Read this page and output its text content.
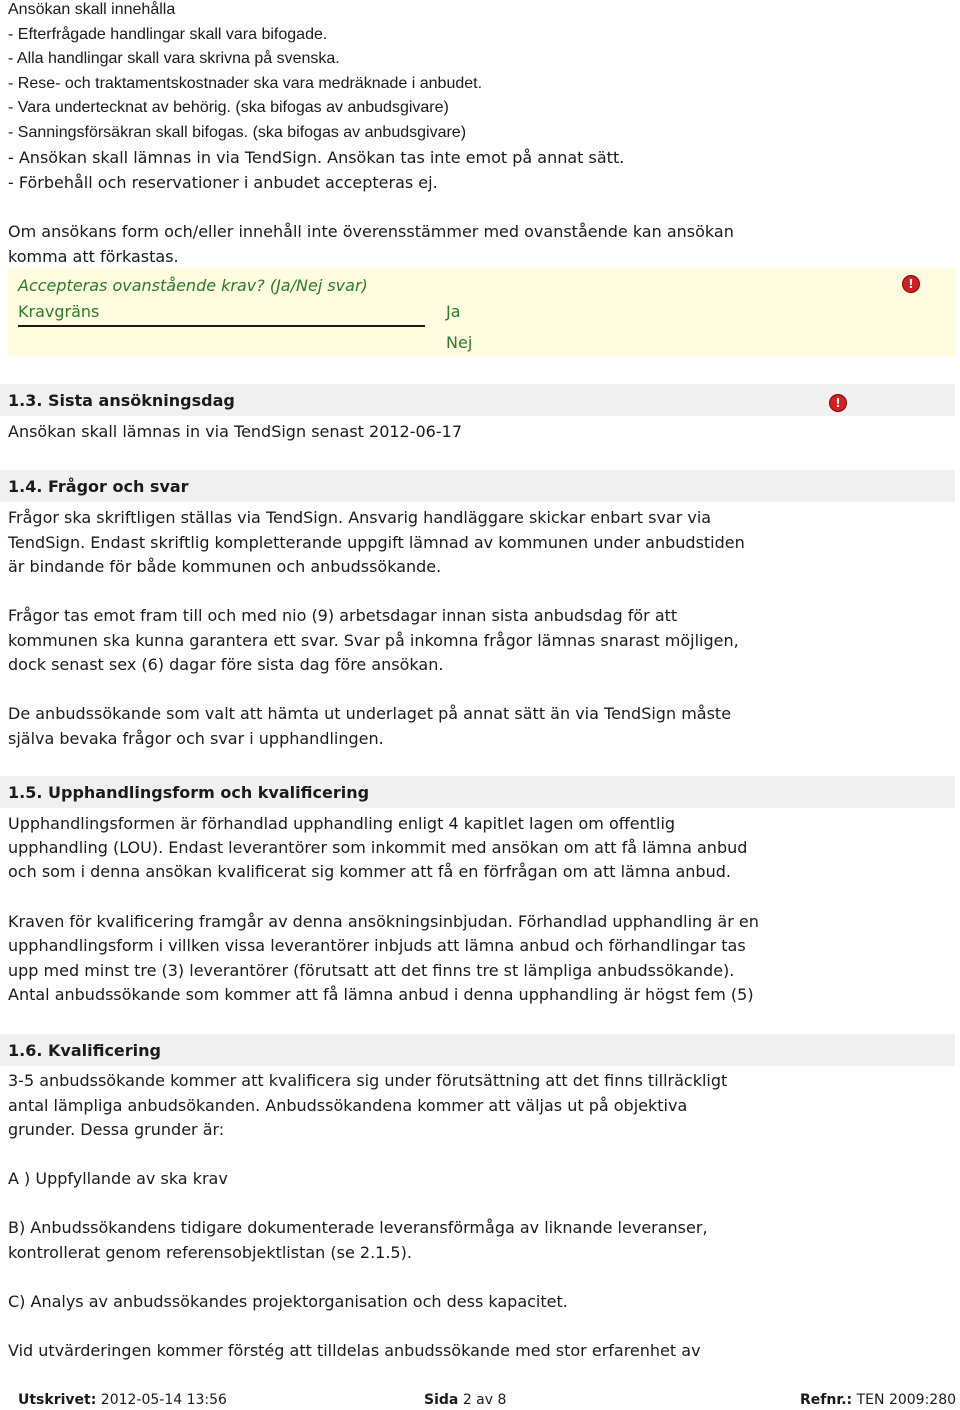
Ansökan skall innehålla
- Efterfrågade handlingar skall vara bifogade.
- Alla handlingar skall vara skrivna på svenska.
- Rese- och traktamentskostnader ska vara medräknade i anbudet.
- Vara undertecknat av behörig. (ska bifogas av anbudsgivare)
- Sanningsförsäkran skall bifogas. (ska bifogas av anbudsgivare)
- Ansökan skall lämnas in via TendSign. Ansökan tas inte emot på annat sätt.
- Förbehåll och reservationer i anbudet accepteras ej.
Om ansökans form och/eller innehåll inte överensstämmer med ovanstående kan ansökan
komma att förkastas.
Accepteras ovanstående krav? (Ja/Nej svar)
Kravgräns	Ja
Nej
!
1.3. Sista ansökningsdag	!
Ansökan skall lämnas in via TendSign senast 2012-06-17
1.4. Frågor och svar
Frågor ska skriftligen ställas via TendSign. Ansvarig handläggare skickar enbart svar via
TendSign. Endast skriftlig kompletterande uppgift lämnad av kommunen under anbudstiden
är bindande för både kommunen och anbudssökande.
Frågor tas emot fram till och med nio (9) arbetsdagar innan sista anbudsdag för att
kommunen ska kunna garantera ett svar. Svar på inkomna frågor lämnas snarast möjligen,
dock senast sex (6) dagar före sista dag före ansökan.
De anbudssökande som valt att hämta ut underlaget på annat sätt än via TendSign måste
själva bevaka frågor och svar i upphandlingen.
1.5. Upphandlingsform och kvalificering
Upphandlingsformen är förhandlad upphandling enligt 4 kapitlet lagen om offentlig
upphandling (LOU). Endast leverantörer som inkommit med ansökan om att få lämna anbud
och som i denna ansökan kvalificerat sig kommer att få en förfrågan om att lämna anbud.
Kraven för kvalificering framgår av denna ansökningsinbjudan. Förhandlad upphandling är en
upphandlingsform i villken vissa leverantörer inbjuds att lämna anbud och förhandlingar tas
upp med minst tre (3) leverantörer (förutsatt att det finns tre st lämpliga anbudssökande).
Antal anbudssökande som kommer att få lämna anbud i denna upphandling är högst fem (5)
1.6. Kvalificering
3-5 anbudssökande kommer att kvalificera sig under förutsättning att det finns tillräckligt
antal lämpliga anbudsökanden. Anbudssökandena kommer att väljas ut på objektiva
grunder. Dessa grunder är:
A ) Uppfyllande av ska krav
B) Anbudssökandens tidigare dokumenterade leveransförmåga av liknande leveranser,
kontrollerat genom referensobjektlistan (se 2.1.5).
C) Analys av anbudssökandes projektorganisation och dess kapacitet.
Vid utvärderingen kommer förstég att tilldelas anbudssökande med stor erfarenhet av
Utskrivet: 2012-05-14 13:56	Sida 2 av 8	Refnr.: TEN 2009:280
